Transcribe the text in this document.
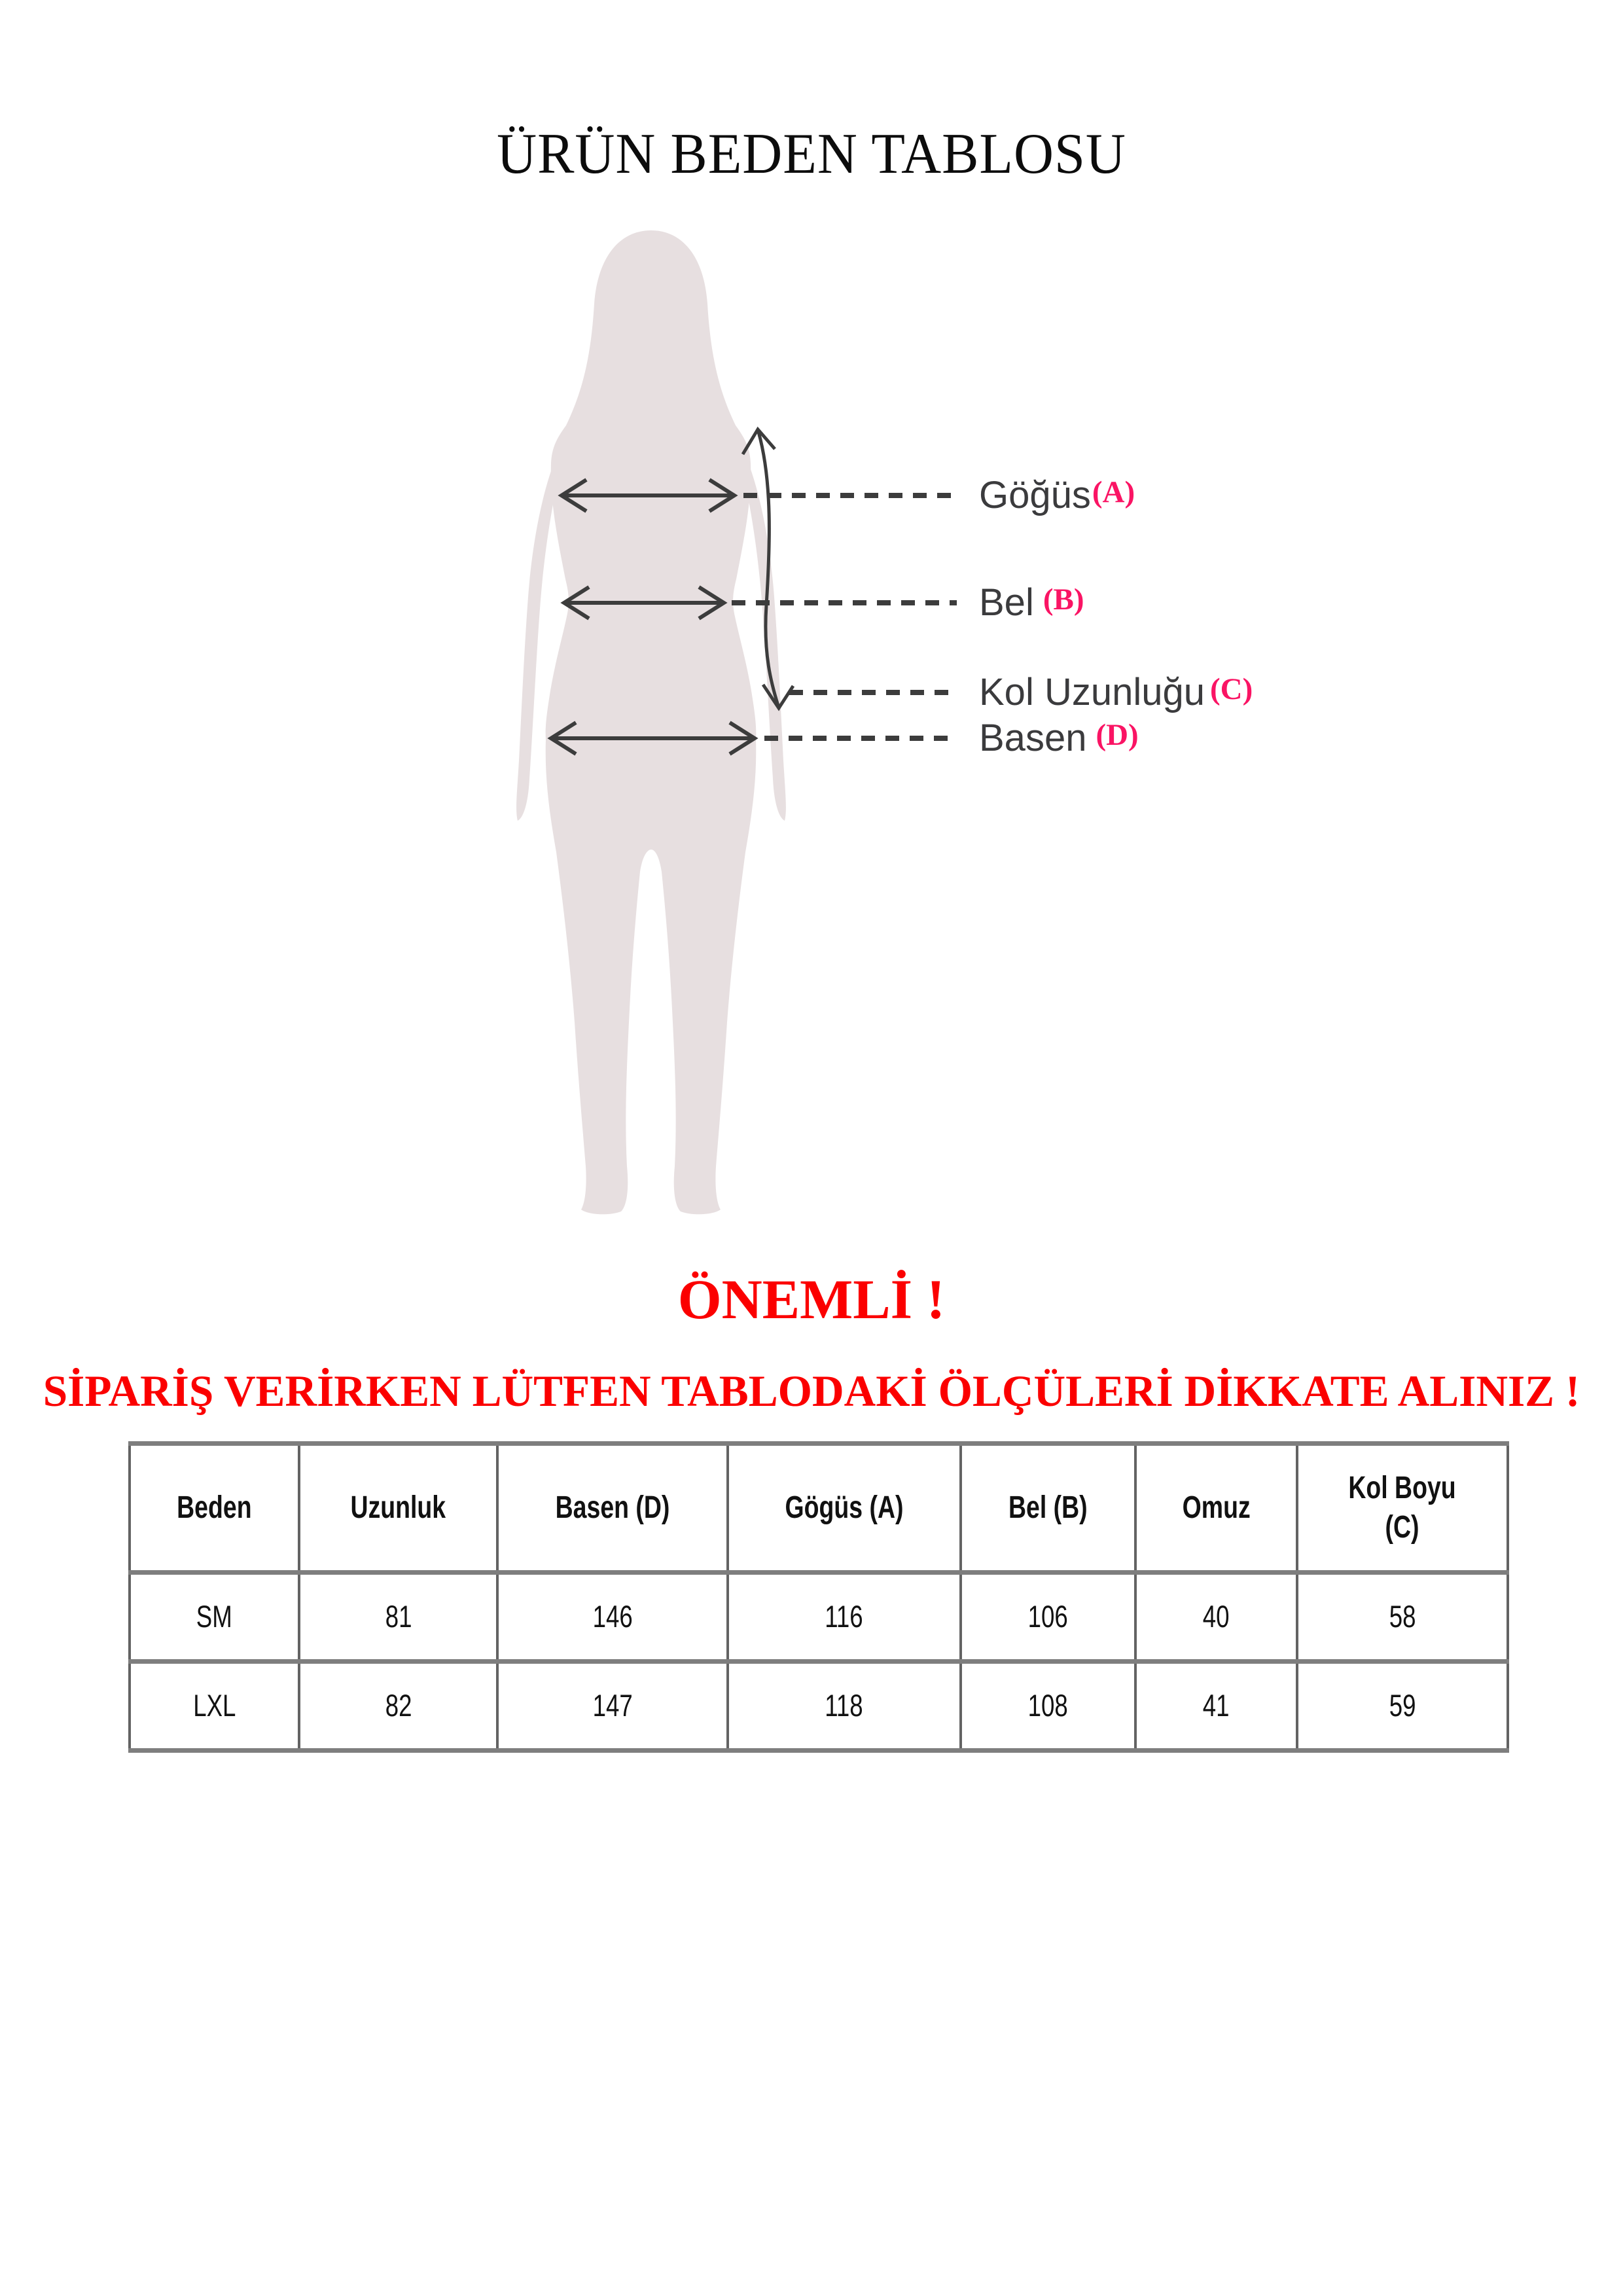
ÜRÜN BEDEN TABLOSU
Göğüs(A)
Bel (B)
Kol Uzunluğu (C)
Basen (D)
ÖNEMLİ !
SİPARİŞ VERİRKEN LÜTFEN TABLODAKİ ÖLÇÜLERİ DİKKATE ALINIZ !
Beden	Uzunluk	Basen (D)	Gögüs (A)	Bel (B)	Omuz	Kol Boyu (C)
SM	81	146	116	106	40	58
LXL	82	147	118	108	41	59
